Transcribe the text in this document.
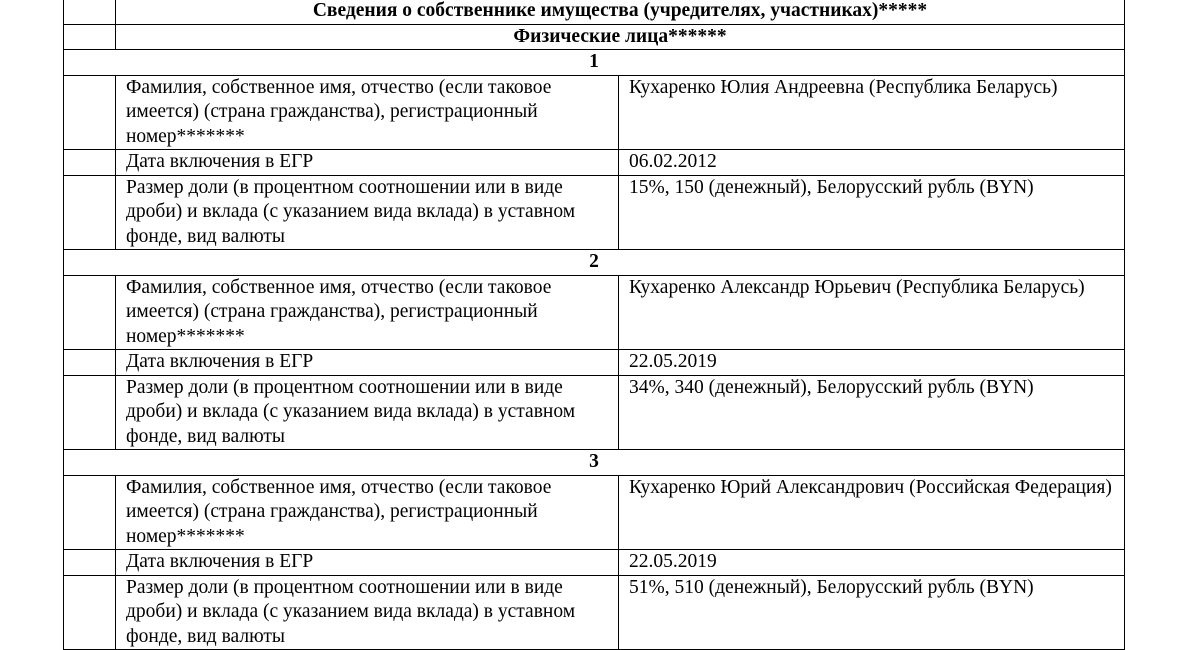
	Сведения о собственнике имущества (учредителях, участниках)*****	
	Физические лица******	
1		
	Фамилия, собственное имя, отчество (если таковое имеется) (страна гражданства), регистрационный номер*******	Кухаренко Юлия Андреевна (Республика Беларусь)
	Дата включения в ЕГР	06.02.2012
	Размер доли (в процентном соотношении или в виде дроби) и вклада (с указанием вида вклада) в уставном фонде, вид валюты	15%, 150 (денежный), Белорусский рубль (BYN)
2		
	Фамилия, собственное имя, отчество (если таковое имеется) (страна гражданства), регистрационный номер*******	Кухаренко Александр Юрьевич (Республика Беларусь)
	Дата включения в ЕГР	22.05.2019
	Размер доли (в процентном соотношении или в виде дроби) и вклада (с указанием вида вклада) в уставном фонде, вид валюты	34%, 340 (денежный), Белорусский рубль (BYN)
3		
	Фамилия, собственное имя, отчество (если таковое имеется) (страна гражданства), регистрационный номер*******	Кухаренко Юрий Александрович (Российская Федерация)
	Дата включения в ЕГР	22.05.2019
	Размер доли (в процентном соотношении или в виде дроби) и вклада (с указанием вида вклада) в уставном фонде, вид валюты	51%, 510 (денежный), Белорусский рубль (BYN)
